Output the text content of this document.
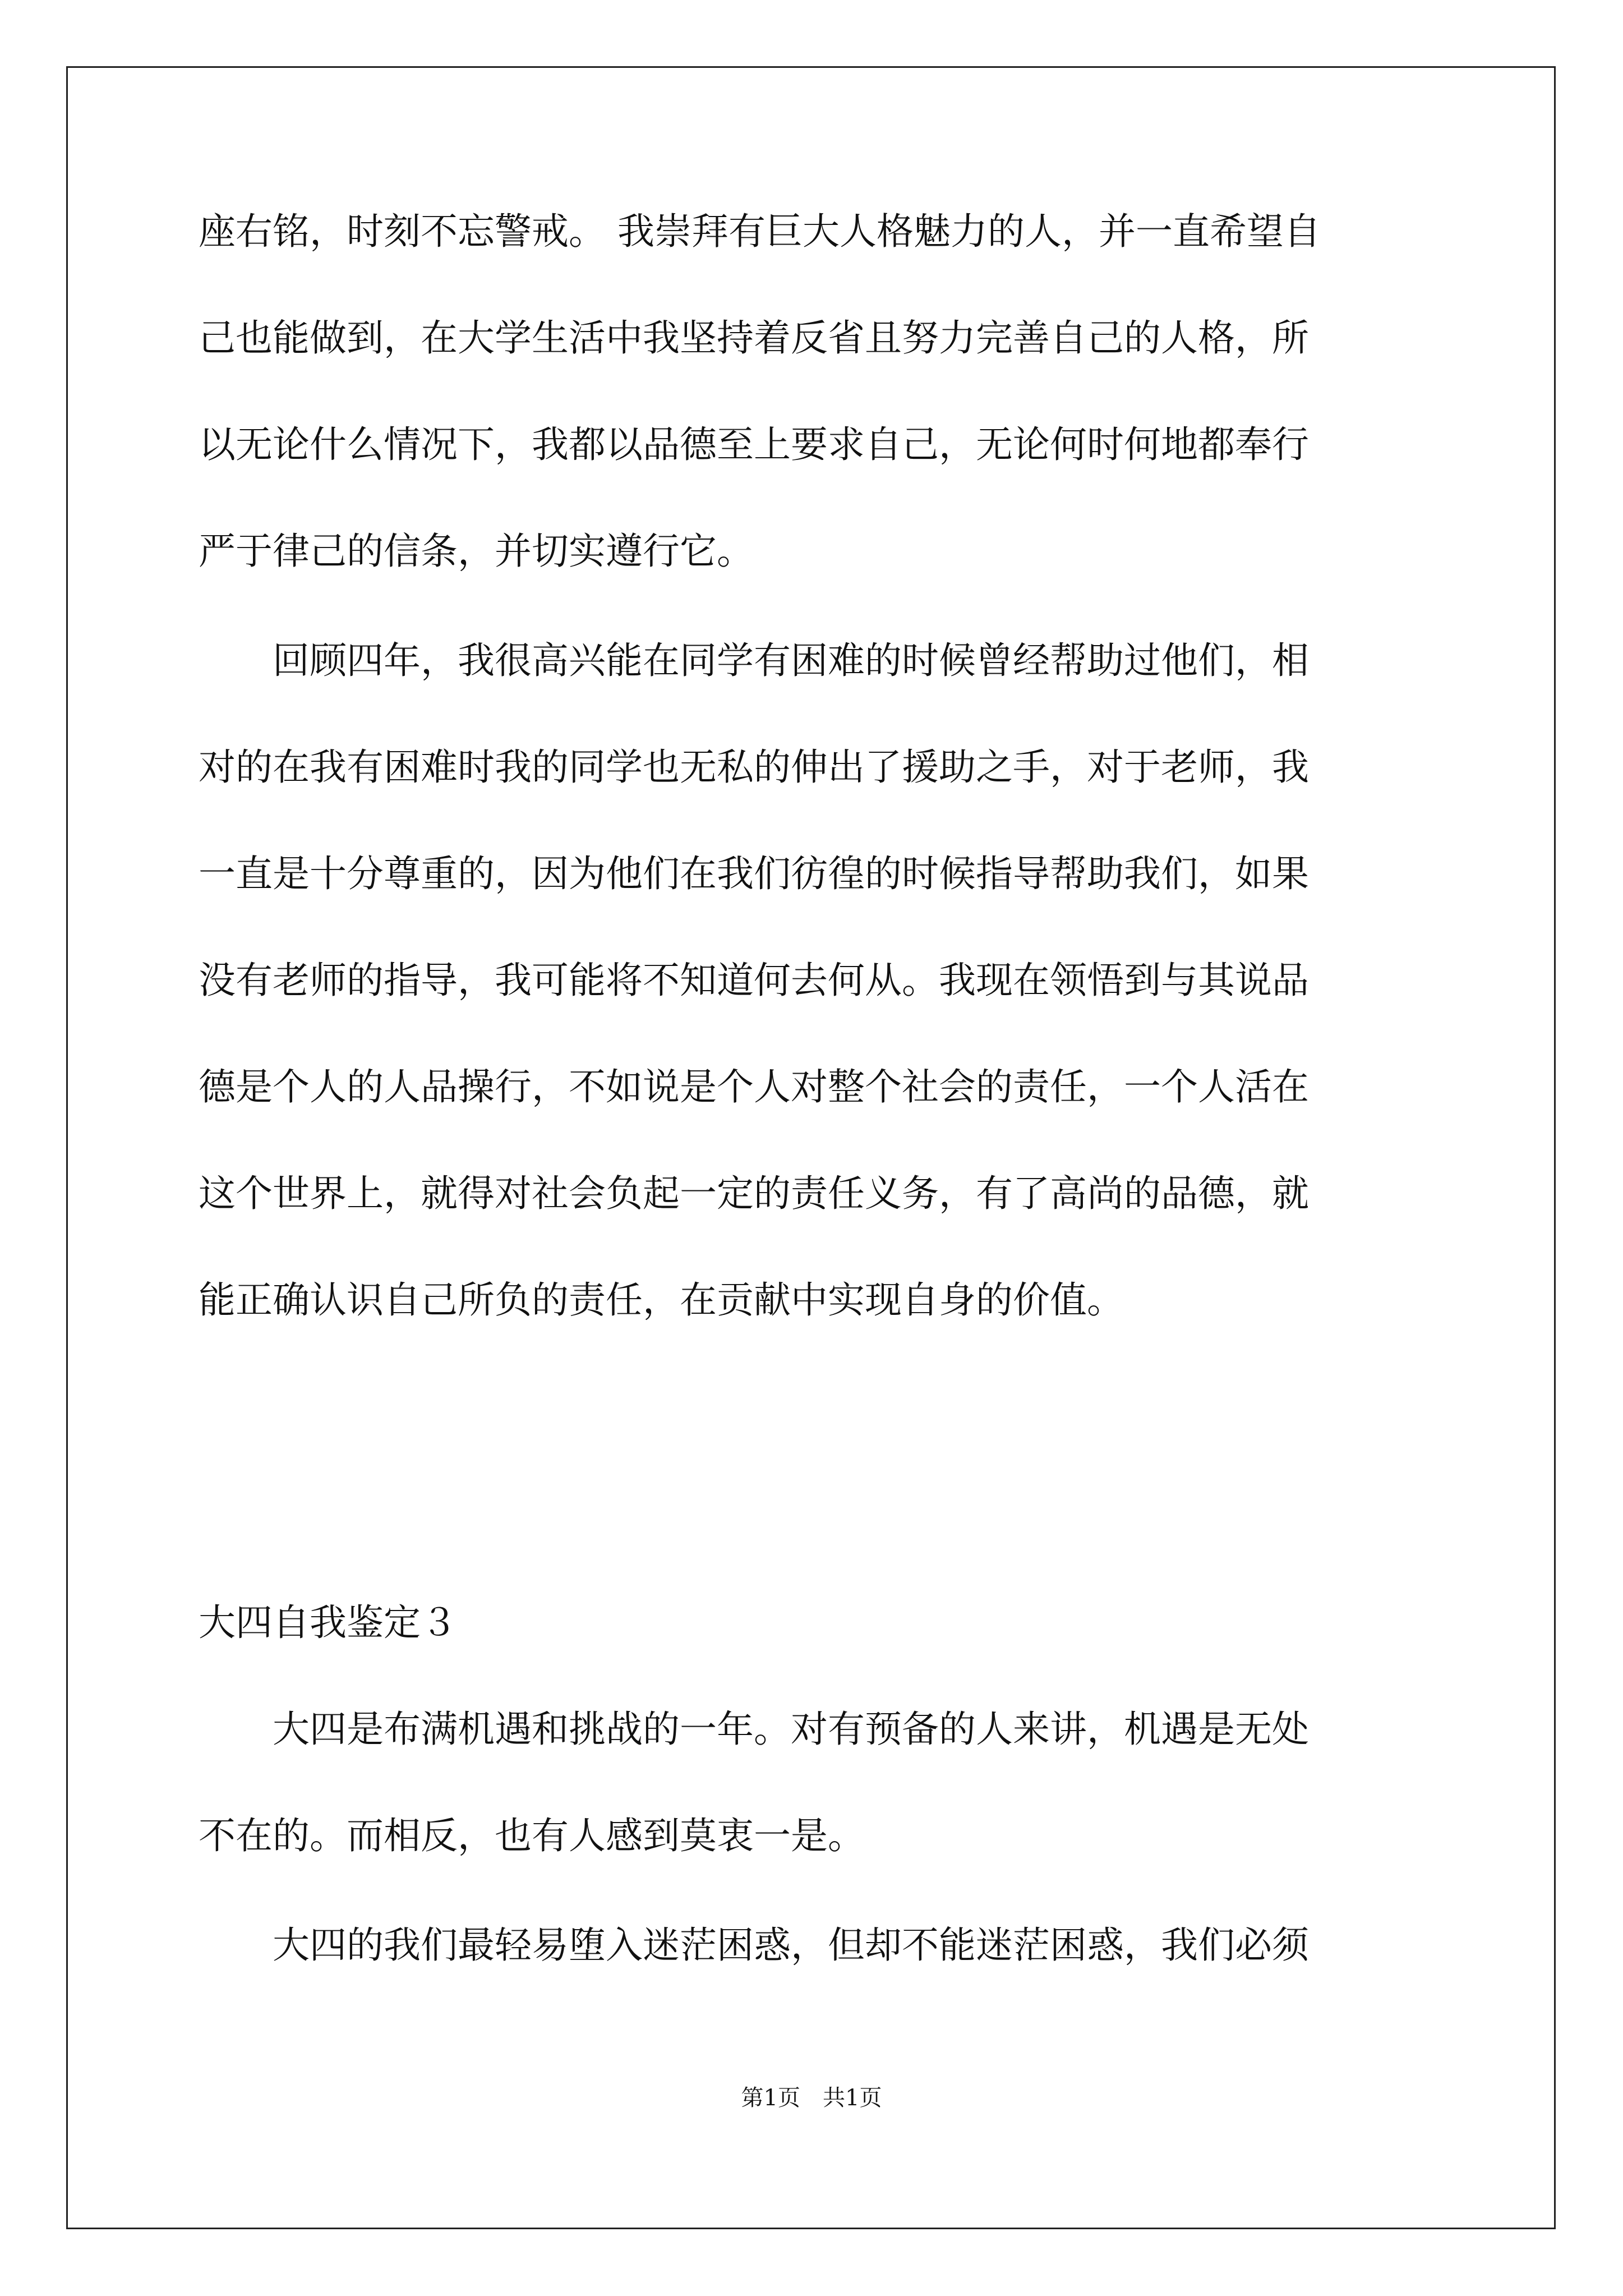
座右铭，时刻不忘警戒。 我崇拜有巨大人格魅力的人，并一直希望自
己也能做到，在大学生活中我坚持着反省且努力完善自己的人格，所
以无论什么情况下，我都以品德至上要求自己，无论何时何地都奉行
严于律己的信条，并切实遵行它。
　　回顾四年，我很高兴能在同学有困难的时候曾经帮助过他们，相
对的在我有困难时我的同学也无私的伸出了援助之手，对于老师，我
一直是十分尊重的，因为他们在我们彷徨的时候指导帮助我们，如果
没有老师的指导，我可能将不知道何去何从。我现在领悟到与其说品
德是个人的人品操行，不如说是个人对整个社会的责任，一个人活在
这个世界上，就得对社会负起一定的责任义务，有了高尚的品德，就
能正确认识自己所负的责任，在贡献中实现自身的价值。
大四自我鉴定３
　　大四是布满机遇和挑战的一年。对有预备的人来讲，机遇是无处
不在的。而相反，也有人感到莫衷一是。
　　大四的我们最轻易堕入迷茫困惑，但却不能迷茫困惑，我们必须
第1页　共1页
